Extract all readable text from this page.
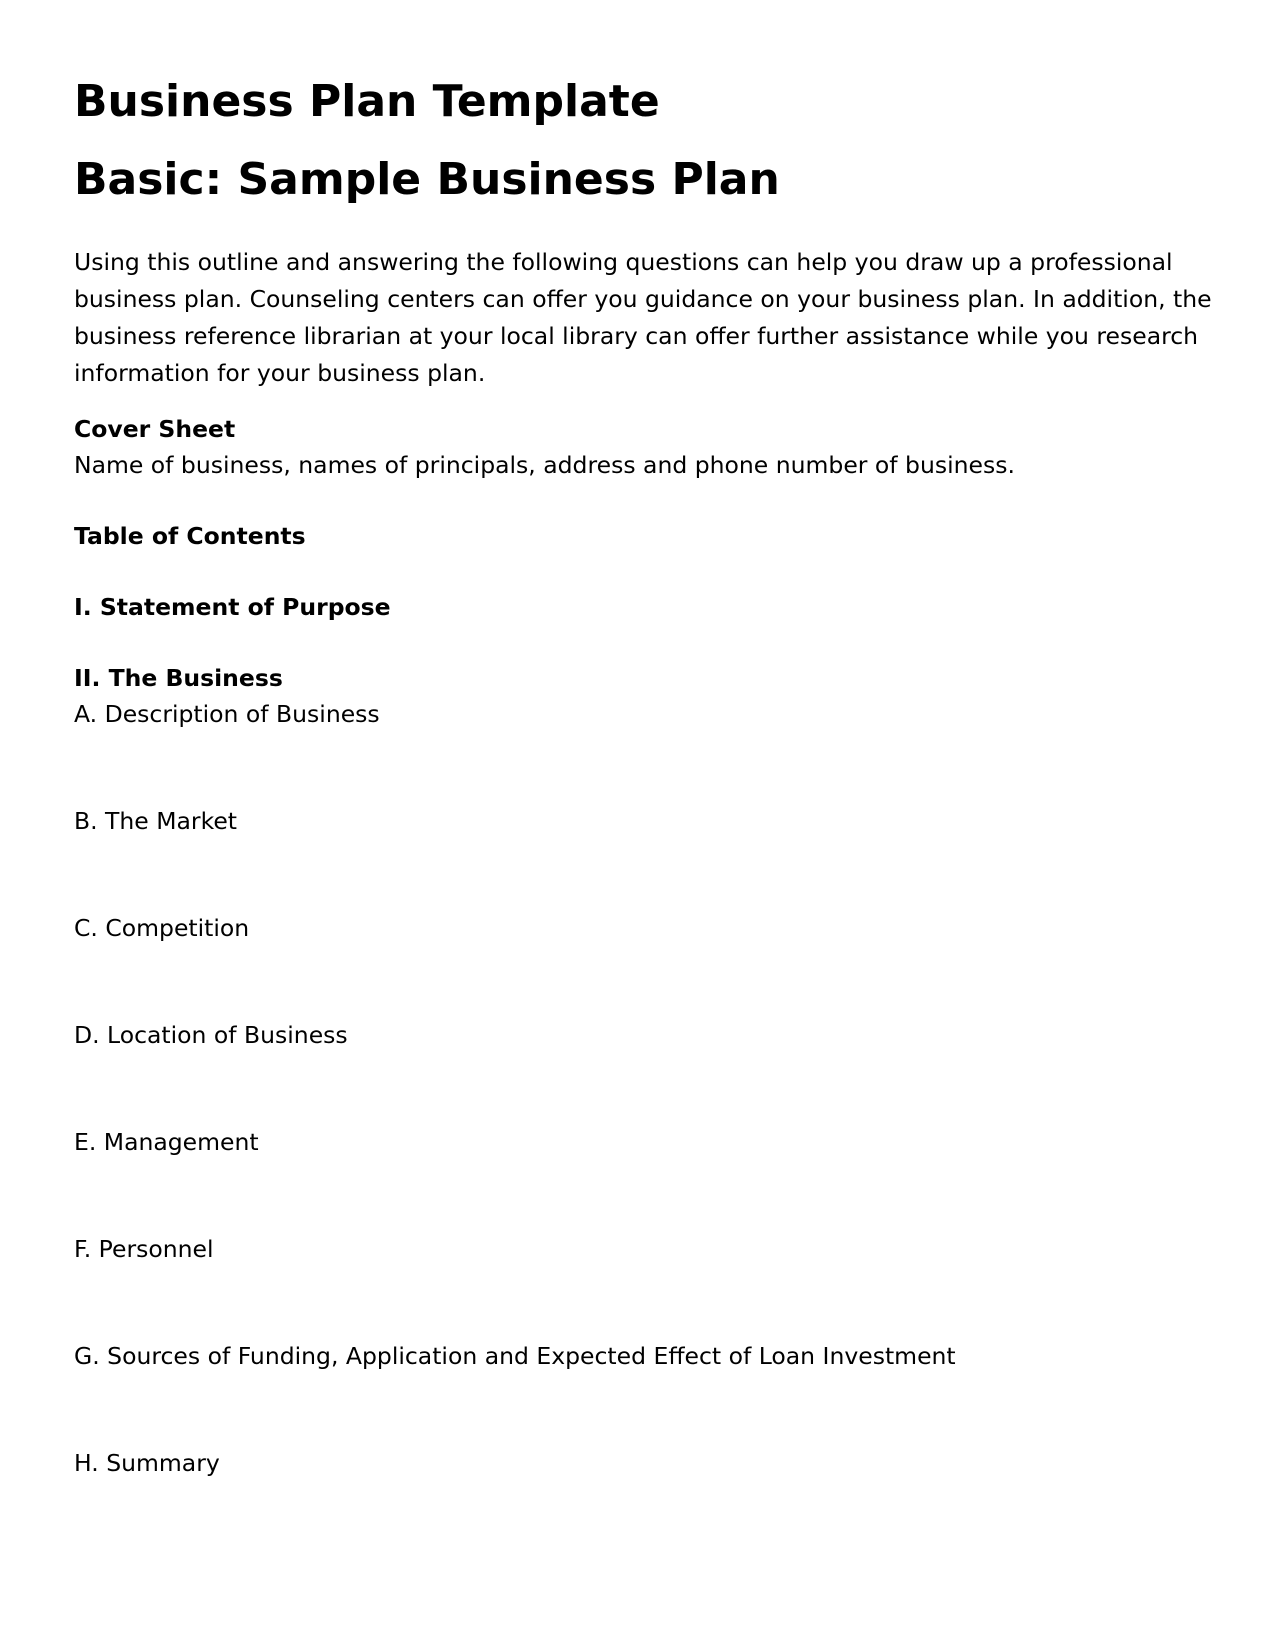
Business Plan Template
Basic: Sample Business Plan

Using this outline and answering the following questions can help you draw up a professional business plan. Counseling centers can offer you guidance on your business plan. In addition, the business reference librarian at your local library can offer further assistance while you research information for your business plan.

Cover Sheet
Name of business, names of principals, address and phone number of business.
Table of Contents
I. Statement of Purpose
II. The Business
A. Description of Business
B. The Market
C. Competition
D. Location of Business
E. Management
F. Personnel
G. Sources of Funding, Application and Expected Effect of Loan Investment
H. Summary
